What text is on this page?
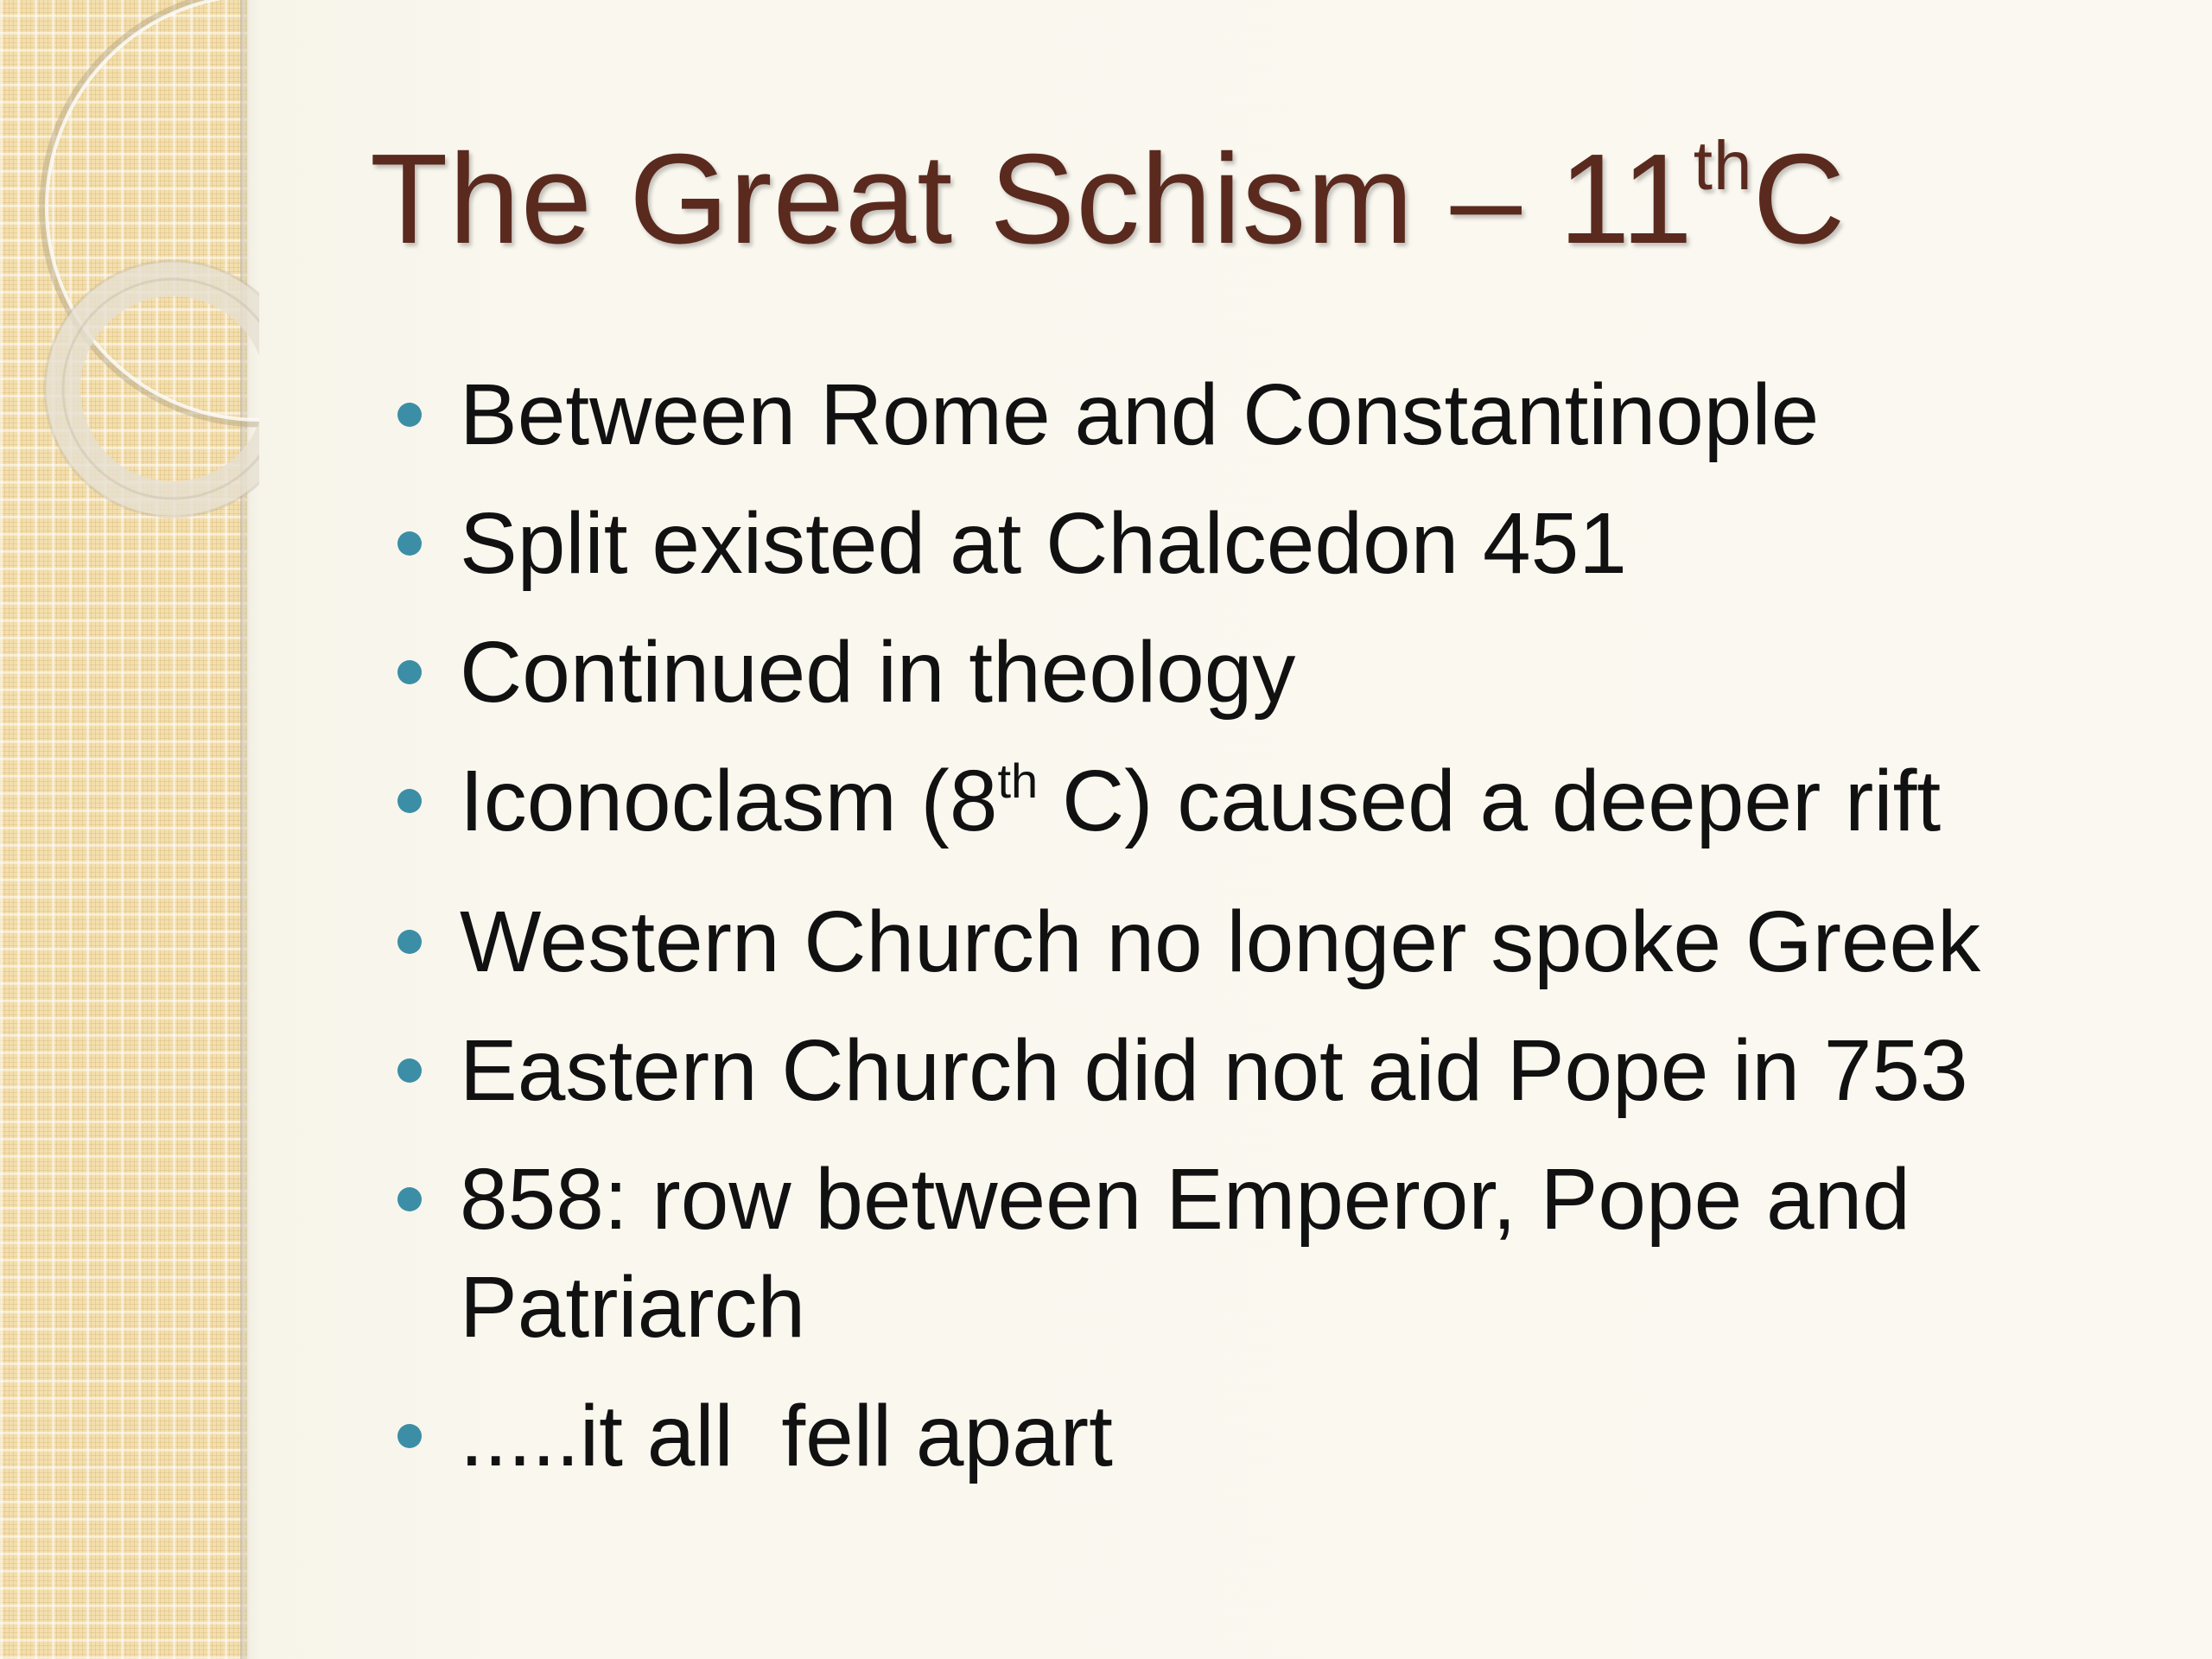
The Great Schism – 11thC
Between Rome and Constantinople
Split existed at Chalcedon 451
Continued in theology
Iconoclasm (8th C) caused a deeper rift
Western Church no longer spoke Greek
Eastern Church did not aid Pope in 753
858: row between Emperor, Pope and Patriarch
.....it all  fell apart
